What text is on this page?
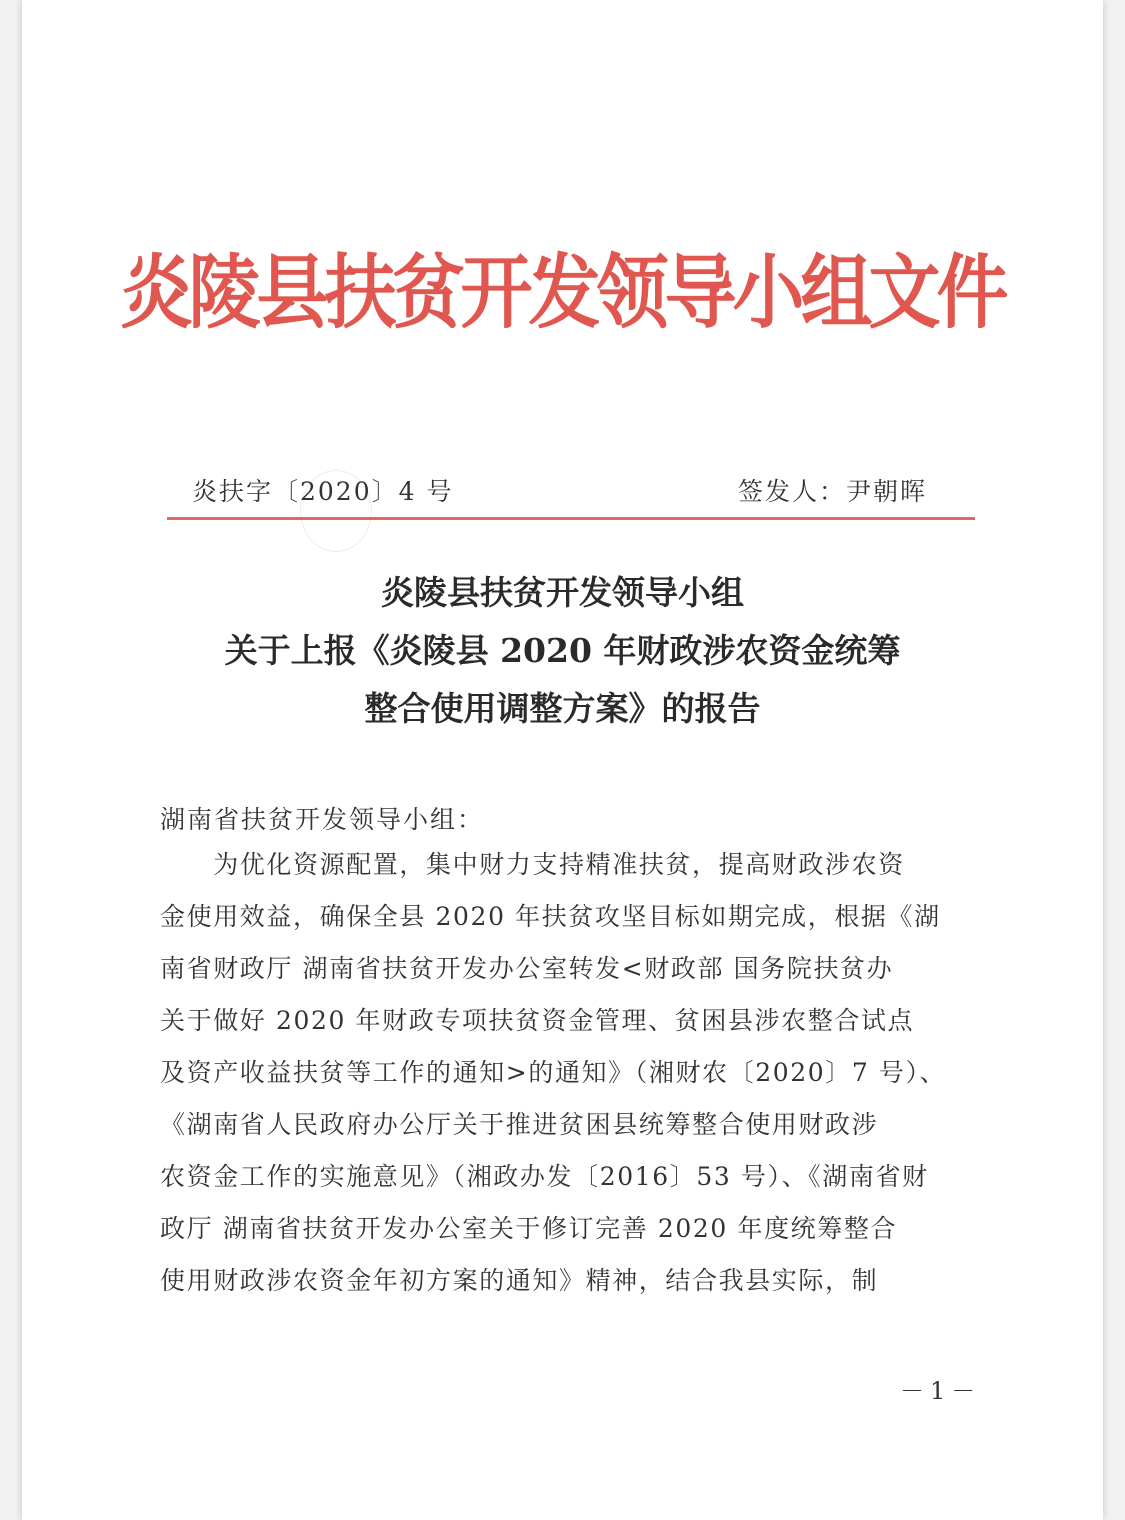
炎陵县扶贫开发领导小组文件
炎扶字〔2020〕4 号	签发人：尹朝晖
炎陵县扶贫开发领导小组
关于上报《炎陵县 2020 年财政涉农资金统筹
整合使用调整方案》的报告
湖南省扶贫开发领导小组：
　　为优化资源配置，集中财力支持精准扶贫，提高财政涉农资
金使用效益，确保全县 2020 年扶贫攻坚目标如期完成，根据《湖
南省财政厅 湖南省扶贫开发办公室转发<财政部 国务院扶贫办
关于做好 2020 年财政专项扶贫资金管理、贫困县涉农整合试点
及资产收益扶贫等工作的通知>的通知》（湘财农〔2020〕7 号）、
《湖南省人民政府办公厅关于推进贫困县统筹整合使用财政涉
农资金工作的实施意见》（湘政办发〔2016〕53 号）、《湖南省财
政厅 湖南省扶贫开发办公室关于修订完善 2020 年度统筹整合
使用财政涉农资金年初方案的通知》精神，结合我县实际，制
－1－
